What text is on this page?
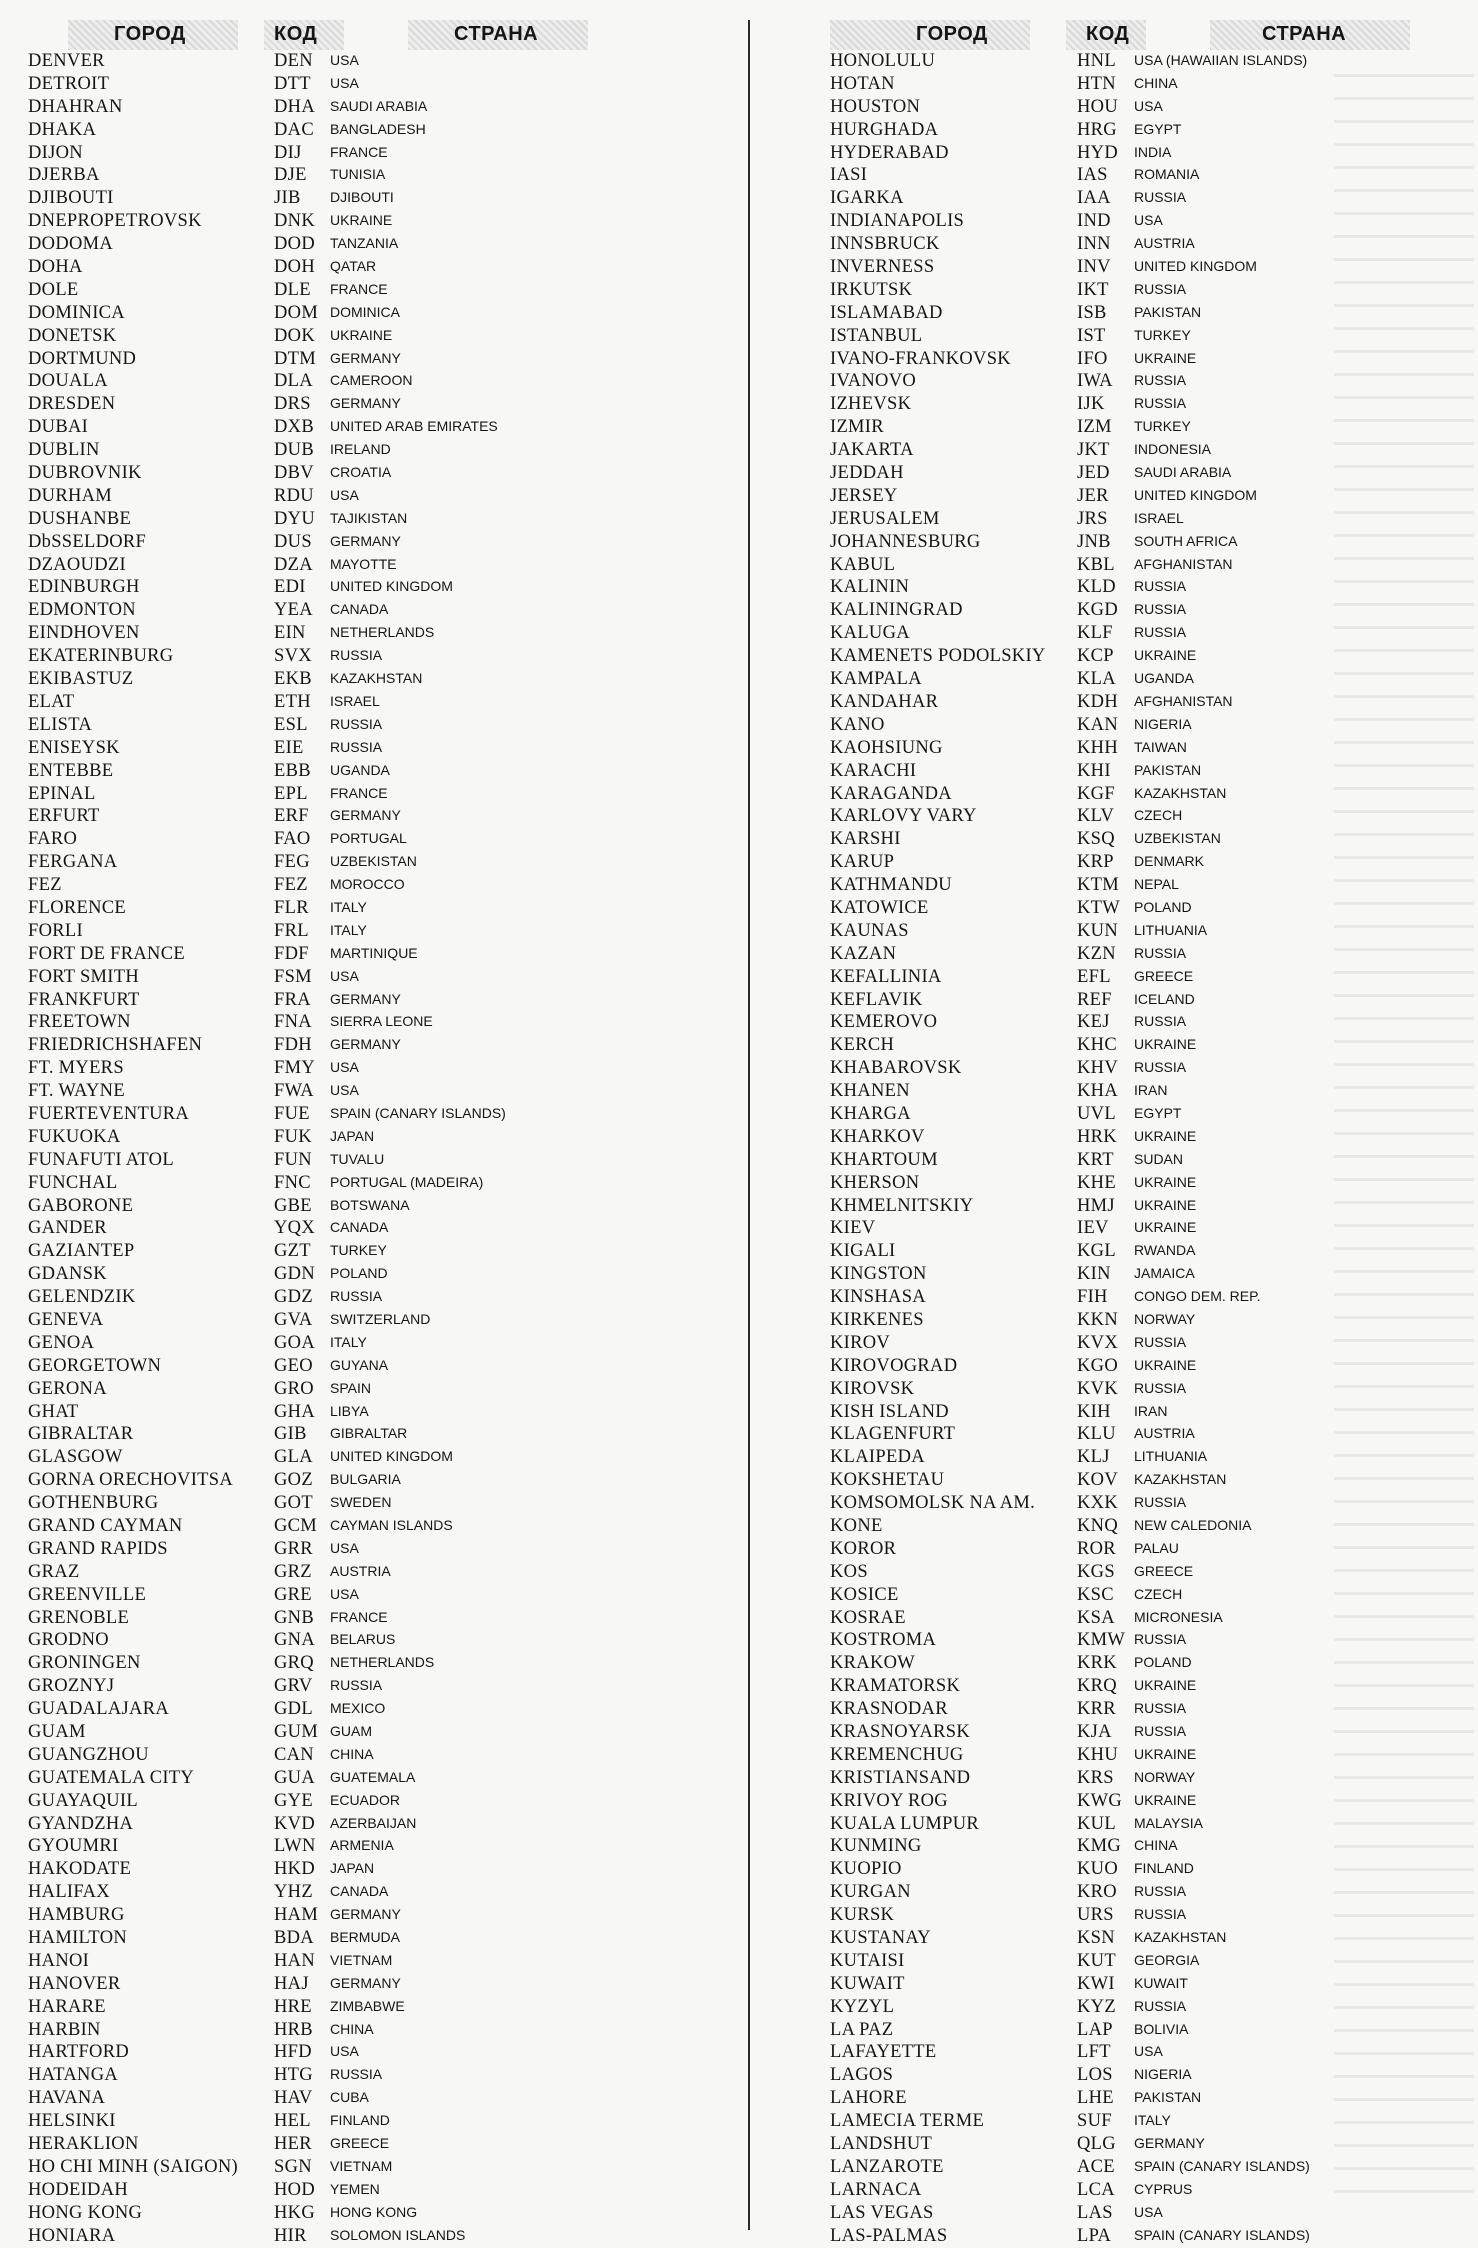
ГОРОД	КОД	СТРАНА
DENVER	DEN USA
DETROIT	DTT USA
DHAHRAN	DHA SAUDI ARABIA
DHAKA	DAC BANGLADESH
DIJON	DIJ FRANCE
DJERBA	DJE TUNISIA
DJIBOUTI	JIB DJIBOUTI
DNEPROPETROVSK	DNK UKRAINE
DODOMA	DOD TANZANIA
DOHA	DOH QATAR
DOLE	DLE FRANCE
DOMINICA	DOM DOMINICA
DONETSK	DOK UKRAINE
DORTMUND	DTM GERMANY
DOUALA	DLA CAMEROON
DRESDEN	DRS GERMANY
DUBAI	DXB UNITED ARAB EMIRATES
DUBLIN	DUB IRELAND
DUBROVNIK	DBV CROATIA
DURHAM	RDU USA
DUSHANBE	DYU TAJIKISTAN
DbSSELDORF	DUS GERMANY
DZAOUDZI	DZA MAYOTTE
EDINBURGH	EDI UNITED KINGDOM
EDMONTON	YEA CANADA
EINDHOVEN	EIN NETHERLANDS
EKATERINBURG	SVX RUSSIA
EKIBASTUZ	EKB KAZAKHSTAN
ELAT	ETH ISRAEL
ELISTA	ESL RUSSIA
ENISEYSK	EIE RUSSIA
ENTEBBE	EBB UGANDA
EPINAL	EPL FRANCE
ERFURT	ERF GERMANY
FARO	FAO PORTUGAL
FERGANA	FEG UZBEKISTAN
FEZ	FEZ MOROCCO
FLORENCE	FLR ITALY
FORLI	FRL ITALY
FORT DE FRANCE	FDF MARTINIQUE
FORT SMITH	FSM USA
FRANKFURT	FRA GERMANY
FREETOWN	FNA SIERRA LEONE
FRIEDRICHSHAFEN	FDH GERMANY
FT. MYERS	FMY USA
FT. WAYNE	FWA USA
FUERTEVENTURA	FUE SPAIN (CANARY ISLANDS)
FUKUOKA	FUK JAPAN
FUNAFUTI ATOL	FUN TUVALU
FUNCHAL	FNC PORTUGAL (MADEIRA)
GABORONE	GBE BOTSWANA
GANDER	YQX CANADA
GAZIANTEP	GZT TURKEY
GDANSK	GDN POLAND
GELENDZIK	GDZ RUSSIA
GENEVA	GVA SWITZERLAND
GENOA	GOA ITALY
GEORGETOWN	GEO GUYANA
GERONA	GRO SPAIN
GHAT	GHA LIBYA
GIBRALTAR	GIB GIBRALTAR
GLASGOW	GLA UNITED KINGDOM
GORNA ORECHOVITSA GOZ BULGARIA
GOTHENBURG	GOT SWEDEN
GRAND CAYMAN	GCM CAYMAN ISLANDS
GRAND RAPIDS	GRR USA
GRAZ	GRZ AUSTRIA
GREENVILLE	GRE USA
GRENOBLE	GNB FRANCE
GRODNO	GNA BELARUS
GRONINGEN	GRQ NETHERLANDS
GROZNYJ	GRV RUSSIA
GUADALAJARA	GDL MEXICO
GUAM	GUM GUAM
GUANGZHOU	CAN CHINA
GUATEMALA CITY	GUA GUATEMALA
GUAYAQUIL	GYE ECUADOR
GYANDZHA	KVD AZERBAIJAN
GYOUMRI	LWN ARMENIA
HAKODATE	HKD JAPAN
HALIFAX	YHZ CANADA
HAMBURG	HAM GERMANY
HAMILTON	BDA BERMUDA
HANOI	HAN VIETNAM
HANOVER	HAJ GERMANY
HARARE	HRE ZIMBABWE
HARBIN	HRB CHINA
HARTFORD	HFD USA
HATANGA	HTG RUSSIA
HAVANA	HAV CUBA
HELSINKI	HEL FINLAND
HERAKLION	HER GREECE
HO CHI MINH (SAIGON) SGN VIETNAM
HODEIDAH	HOD YEMEN
HONG KONG	HKG HONG KONG
HONIARA	HIR SOLOMON ISLANDS
ГОРОД	КОД	СТРАНА
HONOLULU	HNL USA (HAWAIIAN ISLANDS)
HOTAN	HTN CHINA
HOUSTON	HOU USA
HURGHADA	HRG EGYPT
HYDERABAD	HYD INDIA
IASI	IAS ROMANIA
IGARKA	IAA RUSSIA
INDIANAPOLIS	IND USA
INNSBRUCK	INN AUSTRIA
INVERNESS	INV UNITED KINGDOM
IRKUTSK	IKT RUSSIA
ISLAMABAD	ISB PAKISTAN
ISTANBUL	IST TURKEY
IVANO-FRANKOVSK	IFO UKRAINE
IVANOVO	IWA RUSSIA
IZHEVSK	IJK RUSSIA
IZMIR	IZM TURKEY
JAKARTA	JKT INDONESIA
JEDDAH	JED SAUDI ARABIA
JERSEY	JER UNITED KINGDOM
JERUSALEM	JRS ISRAEL
JOHANNESBURG	JNB SOUTH AFRICA
KABUL	KBL AFGHANISTAN
KALININ	KLD RUSSIA
KALININGRAD	KGD RUSSIA
KALUGA	KLF RUSSIA
KAMENETS PODOLSKIY KCP UKRAINE
KAMPALA	KLA UGANDA
KANDAHAR	KDH AFGHANISTAN
KANO	KAN NIGERIA
KAOHSIUNG	KHH TAIWAN
KARACHI	KHI PAKISTAN
KARAGANDA	KGF KAZAKHSTAN
KARLOVY VARY	KLV CZECH
KARSHI	KSQ UZBEKISTAN
KARUP	KRP DENMARK
KATHMANDU	KTM NEPAL
KATOWICE	KTW POLAND
KAUNAS	KUN LITHUANIA
KAZAN	KZN RUSSIA
KEFALLINIA	EFL GREECE
KEFLAVIK	REF ICELAND
KEMEROVO	KEJ RUSSIA
KERCH	KHC UKRAINE
KHABAROVSK	KHV RUSSIA
KHANEN	KHA IRAN
KHARGA	UVL EGYPT
KHARKOV	HRK UKRAINE
KHARTOUM	KRT SUDAN
KHERSON	KHE UKRAINE
KHMELNITSKIY	HMJ UKRAINE
KIEV	IEV UKRAINE
KIGALI	KGL RWANDA
KINGSTON	KIN JAMAICA
KINSHASA	FIH CONGO DEM. REP.
KIRKENES	KKN NORWAY
KIROV	KVX RUSSIA
KIROVOGRAD	KGO UKRAINE
KIROVSK	KVK RUSSIA
KISH ISLAND	KIH IRAN
KLAGENFURT	KLU AUSTRIA
KLAIPEDA	KLJ LITHUANIA
KOKSHETAU	KOV KAZAKHSTAN
KOMSOMOLSK NA AM. KXK RUSSIA
KONE	KNQ NEW CALEDONIA
KOROR	ROR PALAU
KOS	KGS GREECE
KOSICE	KSC CZECH
KOSRAE	KSA MICRONESIA
KOSTROMA	KMW RUSSIA
KRAKOW	KRK POLAND
KRAMATORSK	KRQ UKRAINE
KRASNODAR	KRR RUSSIA
KRASNOYARSK	KJA RUSSIA
KREMENCHUG	KHU UKRAINE
KRISTIANSAND	KRS NORWAY
KRIVOY ROG	KWG UKRAINE
KUALA LUMPUR	KUL MALAYSIA
KUNMING	KMG CHINA
KUOPIO	KUO FINLAND
KURGAN	KRO RUSSIA
KURSK	URS RUSSIA
KUSTANAY	KSN KAZAKHSTAN
KUTAISI	KUT GEORGIA
KUWAIT	KWI KUWAIT
KYZYL	KYZ RUSSIA
LA PAZ	LAP BOLIVIA
LAFAYETTE	LFT USA
LAGOS	LOS NIGERIA
LAHORE	LHE PAKISTAN
LAMECIA TERME	SUF ITALY
LANDSHUT	QLG GERMANY
LANZAROTE	ACE SPAIN (CANARY ISLANDS)
LARNACA	LCA CYPRUS
LAS VEGAS	LAS USA
LAS-PALMAS	LPA SPAIN (CANARY ISLANDS)
